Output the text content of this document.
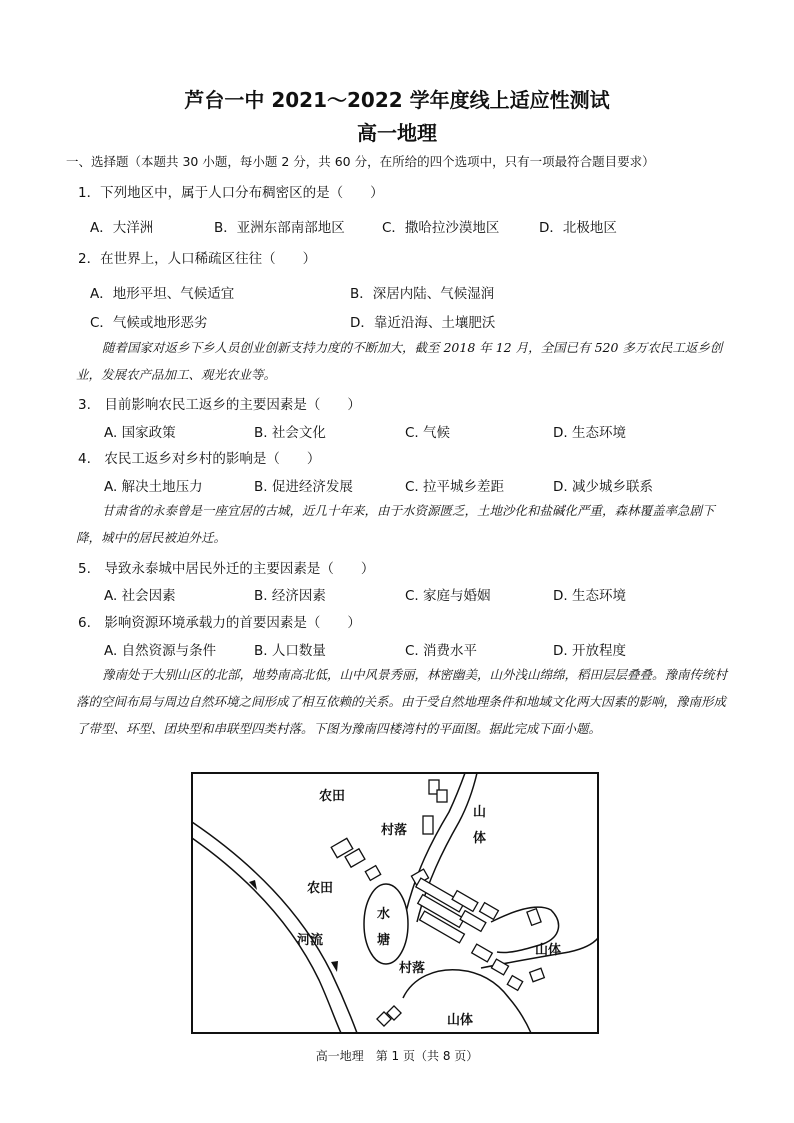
芦台一中 2021～2022 学年度线上适应性测试
高一地理
一、选择题（本题共 30 小题，每小题 2 分，共 60 分，在所给的四个选项中，只有一项最符合题目要求）
1．下列地区中，属于人口分布稠密区的是（　　）
A．大洋洲	B．亚洲东部南部地区	C．撒哈拉沙漠地区	D．北极地区
2．在世界上，人口稀疏区往往（　　）
A．地形平坦、气候适宜	B．深居内陆、气候湿润
C．气候或地形恶劣	D．靠近沿海、土壤肥沃
随着国家对返乡下乡人员创业创新支持力度的不断加大，截至 2018 年 12 月，全国已有 520 多万农民工返乡创业，发展农产品加工、观光农业等。
3.　目前影响农民工返乡的主要因素是（　　）
A. 国家政策	B. 社会文化	C. 气候	D. 生态环境
4.　农民工返乡对乡村的影响是（　　）
A. 解决土地压力	B. 促进经济发展	C. 拉平城乡差距	D. 减少城乡联系
甘肃省的永泰曾是一座宜居的古城，近几十年来，由于水资源匮乏，土地沙化和盐碱化严重，森林覆盖率急剧下降，城中的居民被迫外迁。
5.　导致永泰城中居民外迁的主要因素是（　　）
A. 社会因素	B. 经济因素	C. 家庭与婚姻	D. 生态环境
6.　影响资源环境承载力的首要因素是（　　）
A. 自然资源与条件	B. 人口数量	C. 消费水平	D. 开放程度
豫南处于大别山区的北部，地势南高北低，山中风景秀丽，林密幽美，山外浅山绵绵，稻田层层叠叠。豫南传统村落的空间布局与周边自然环境之间形成了相互依赖的关系。由于受自然地理条件和地域文化两大因素的影响，豫南形成了带型、环型、团块型和串联型四类村落。下图为豫南四楼湾村的平面图。据此完成下面小题。
农田
村落
山
体
农田
河流
水
塘
村落
山体
山体
高一地理　第 1 页（共 8 页）
